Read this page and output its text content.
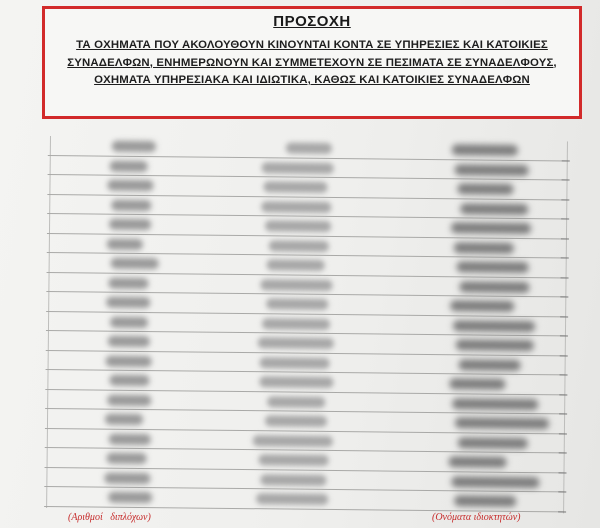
ΠΡΟΣΟΧΗ
ΤΑ ΟΧΗΜΑΤΑ ΠΟΥ ΑΚΟΛΟΥΘΟΥΝ ΚΙΝΟΥΝΤΑΙ ΚΟΝΤΑ ΣΕ ΥΠΗΡΕΣΙΕΣ ΚΑΙ ΚΑΤΟΙΚΙΕΣ ΣΥΝΑΔΕΛΦΩΝ, ΕΝΗΜΕΡΩΝΟΥΝ ΚΑΙ ΣΥΜΜΕΤΕΧΟΥΝ ΣΕ ΠΕΣΙΜΑΤΑ ΣΕ ΣΥΝΑΔΕΛΦΟΥΣ, ΟΧΗΜΑΤΑ ΥΠΗΡΕΣΙΑΚΑ ΚΑΙ ΙΔΙΩΤΙΚΑ, ΚΑΘΩΣ ΚΑΙ ΚΑΤΟΙΚΙΕΣ ΣΥΝΑΔΕΛΦΩΝ
(Αριθμοί   διπλόχων)	(Ονόματα ιδιοκτητών)
